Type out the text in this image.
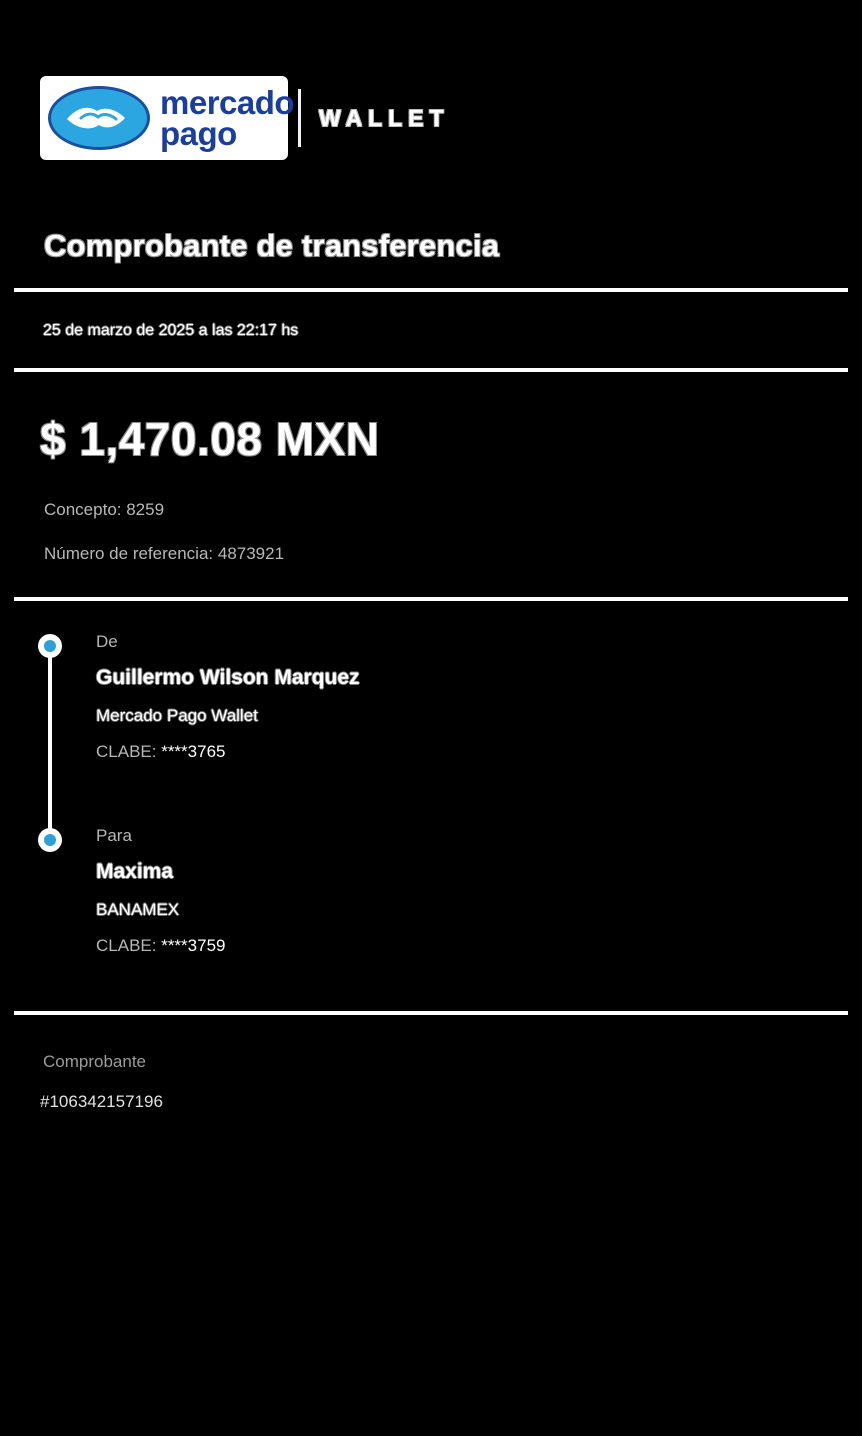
mercado
pago	WALLET
Comprobante de transferencia
25 de marzo de 2025 a las 22:17 hs
$ 1,470.08 MXN
Concepto: 8259
Número de referencia: 4873921
De
Guillermo Wilson Marquez
Mercado Pago Wallet
CLABE: ****3765
Para
Maxima
BANAMEX
CLABE: ****3759
Comprobante
#106342157196
